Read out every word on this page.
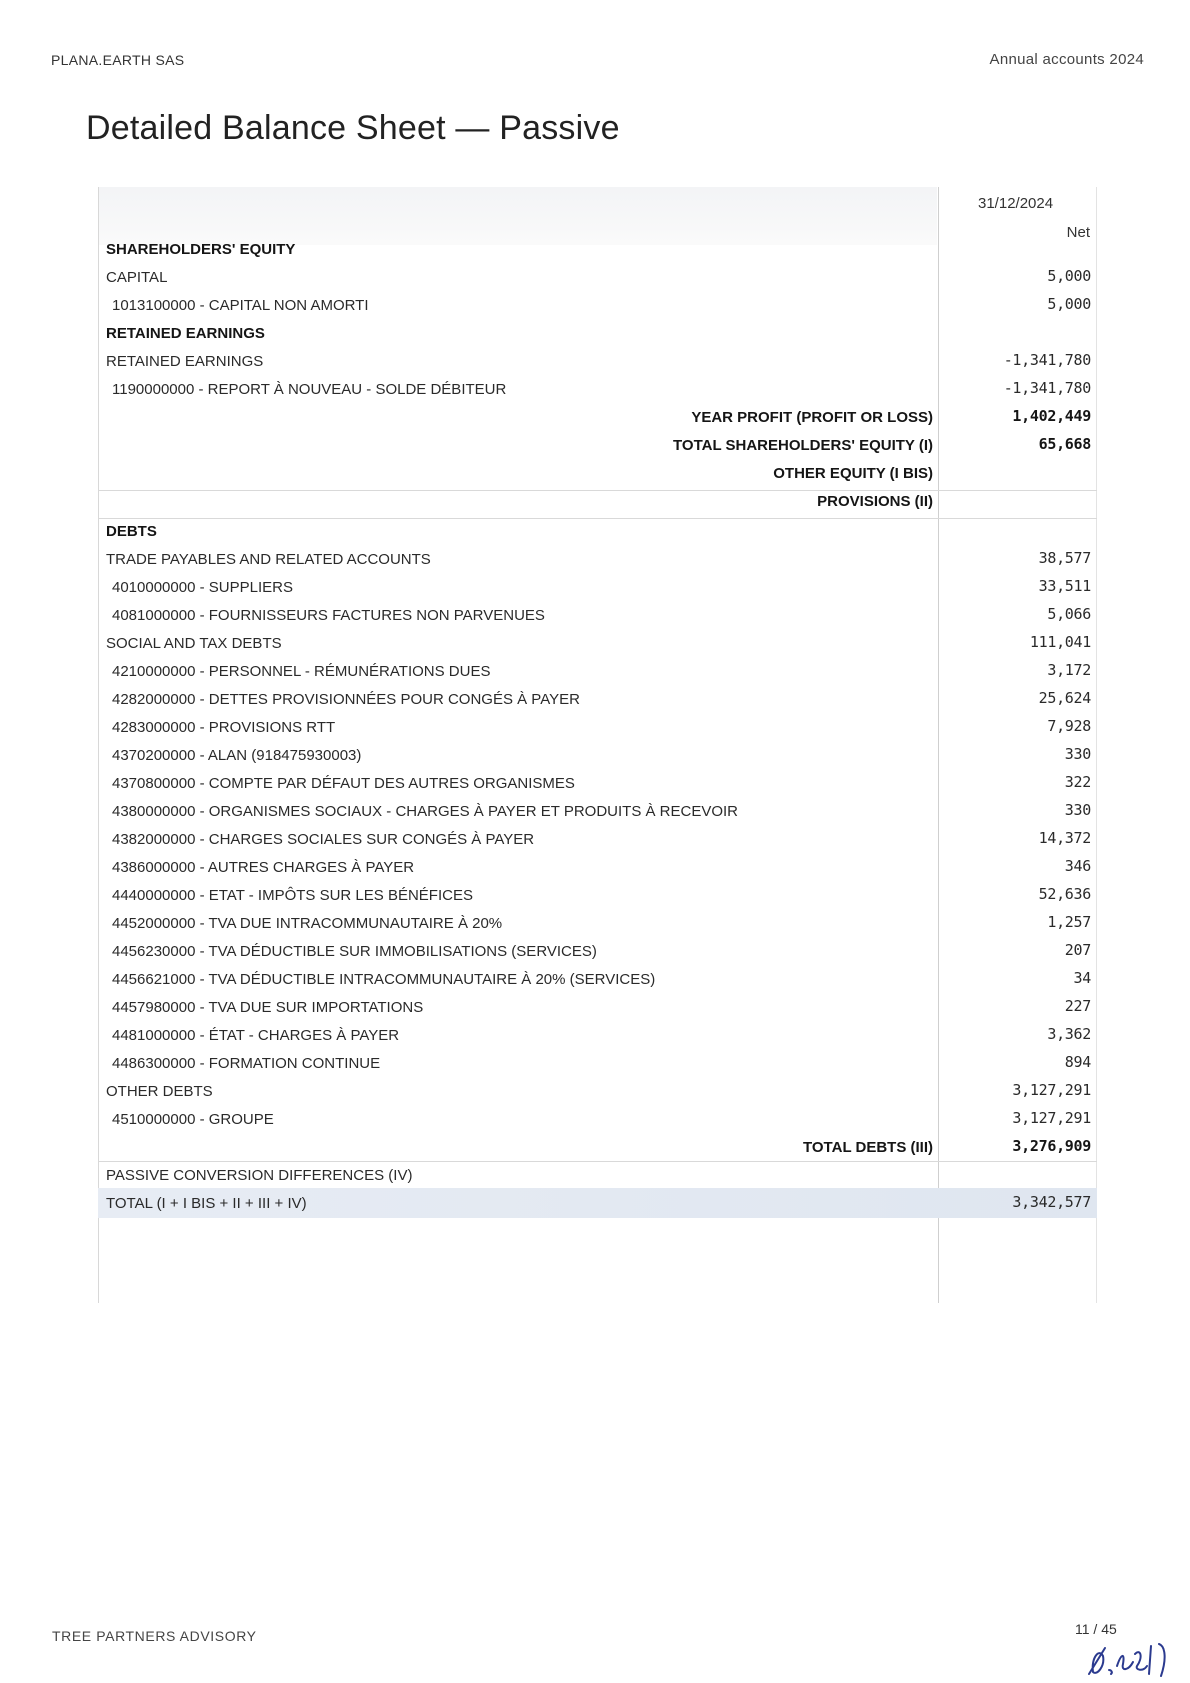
PLANA.EARTH SAS	Annual accounts 2024
Detailed Balance Sheet — Passive
31/12/2024
Net
SHAREHOLDERS' EQUITY
CAPITAL	5,000
1013100000 - CAPITAL NON AMORTI	5,000
RETAINED EARNINGS
RETAINED EARNINGS	-1,341,780
1190000000 - REPORT À NOUVEAU - SOLDE DÉBITEUR	-1,341,780
YEAR PROFIT (PROFIT OR LOSS)	1,402,449
TOTAL SHAREHOLDERS' EQUITY (I)	65,668
OTHER EQUITY (I BIS)
PROVISIONS (II)
DEBTS
TRADE PAYABLES AND RELATED ACCOUNTS	38,577
4010000000 - SUPPLIERS	33,511
4081000000 - FOURNISSEURS FACTURES NON PARVENUES	5,066
SOCIAL AND TAX DEBTS	111,041
4210000000 - PERSONNEL - RÉMUNÉRATIONS DUES	3,172
4282000000 - DETTES PROVISIONNÉES POUR CONGÉS À PAYER	25,624
4283000000 - PROVISIONS RTT	7,928
4370200000 - ALAN (918475930003)	330
4370800000 - COMPTE PAR DÉFAUT DES AUTRES ORGANISMES	322
4380000000 - ORGANISMES SOCIAUX - CHARGES À PAYER ET PRODUITS À RECEVOIR	330
4382000000 - CHARGES SOCIALES SUR CONGÉS À PAYER	14,372
4386000000 - AUTRES CHARGES À PAYER	346
4440000000 - ETAT - IMPÔTS SUR LES BÉNÉFICES	52,636
4452000000 - TVA DUE INTRACOMMUNAUTAIRE À 20%	1,257
4456230000 - TVA DÉDUCTIBLE SUR IMMOBILISATIONS (SERVICES)	207
4456621000 - TVA DÉDUCTIBLE INTRACOMMUNAUTAIRE À 20% (SERVICES)	34
4457980000 - TVA DUE SUR IMPORTATIONS	227
4481000000 - ÉTAT - CHARGES À PAYER	3,362
4486300000 - FORMATION CONTINUE	894
OTHER DEBTS	3,127,291
4510000000 - GROUPE	3,127,291
TOTAL DEBTS (III)	3,276,909
PASSIVE CONVERSION DIFFERENCES (IV)
TOTAL (I + I BIS + II + III + IV)	3,342,577
TREE PARTNERS ADVISORY	11 / 45
